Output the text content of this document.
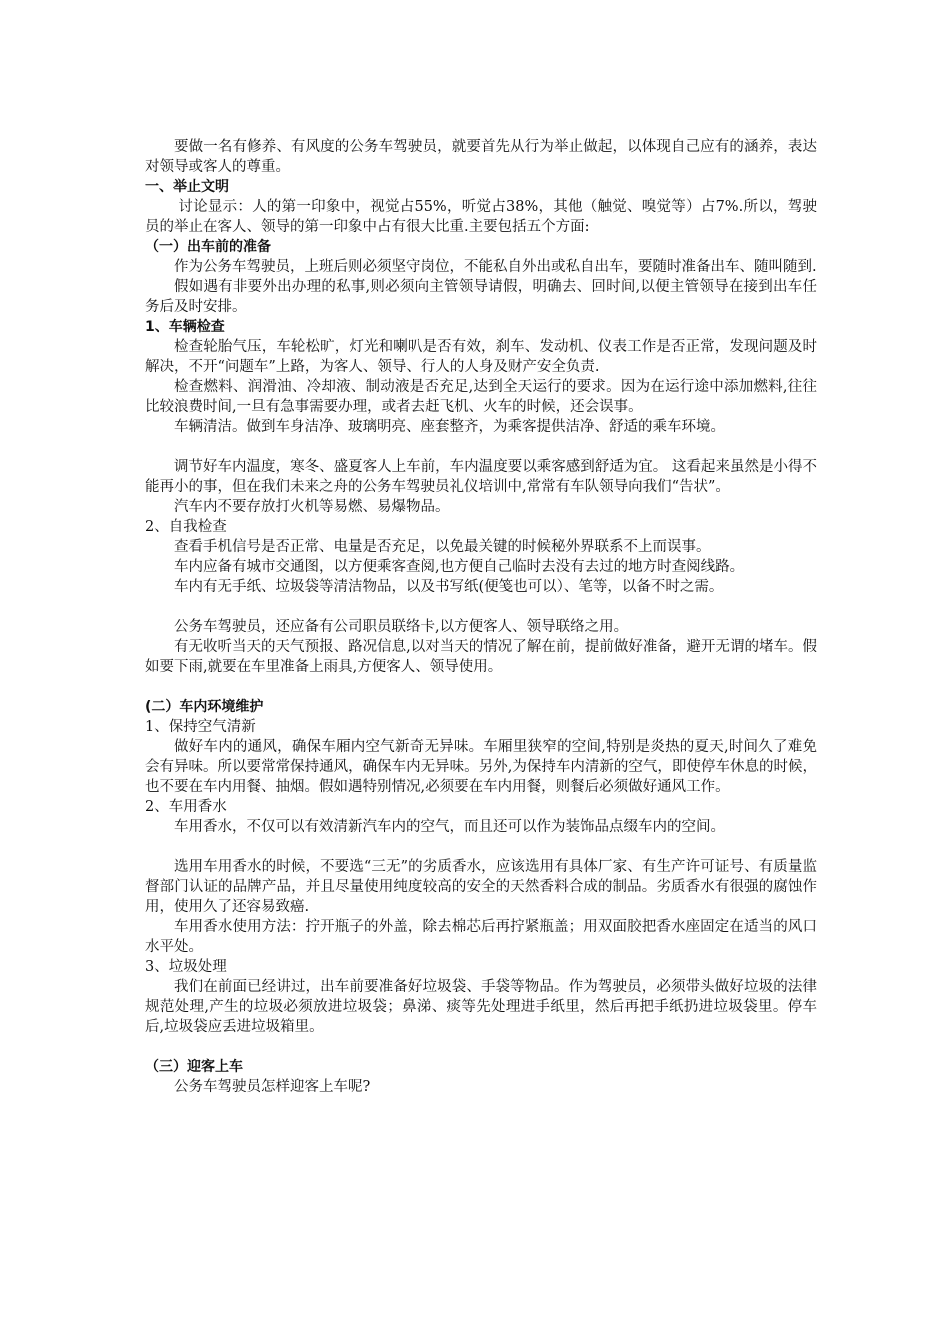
要做一名有修养、有风度的公务车驾驶员，就要首先从行为举止做起，以体现自己应有的涵养，表达对领导或客人的尊重。

一、举止文明

讨论显示：人的第一印象中，视觉占55%，听觉占38%，其他（触觉、嗅觉等）占7%.所以，驾驶员的举止在客人、领导的第一印象中占有很大比重.主要包括五个方面:

（一）出车前的准备

作为公务车驾驶员，上班后则必须坚守岗位，不能私自外出或私自出车，要随时准备出车、随叫随到.

假如遇有非要外出办理的私事,则必须向主管领导请假，明确去、回时间,以便主管领导在接到出车任务后及时安排。

1、车辆检查

检查轮胎气压，车轮松旷，灯光和喇叭是否有效，刹车、发动机、仪表工作是否正常，发现问题及时解决，不开“问题车”上路，为客人、领导、行人的人身及财产安全负责.

检查燃料、润滑油、冷却液、制动液是否充足,达到全天运行的要求。因为在运行途中添加燃料,往往比较浪费时间,一旦有急事需要办理，或者去赶飞机、火车的时候，还会误事。

车辆清洁。做到车身洁净、玻璃明亮、座套整齐，为乘客提供洁净、舒适的乘车环境。

调节好车内温度，寒冬、盛夏客人上车前，车内温度要以乘客感到舒适为宜。 这看起来虽然是小得不能再小的事，但在我们未来之舟的公务车驾驶员礼仪培训中,常常有车队领导向我们“告状”。

汽车内不要存放打火机等易燃、易爆物品。

2、自我检查

查看手机信号是否正常、电量是否充足，以免最关键的时候秘外界联系不上而误事。

车内应备有城市交通图，以方便乘客查阅,也方便自己临时去没有去过的地方时查阅线路。

车内有无手纸、垃圾袋等清洁物品，以及书写纸(便笺也可以）、笔等，以备不时之需。

公务车驾驶员，还应备有公司职员联络卡,以方便客人、领导联络之用。

有无收听当天的天气预报、路况信息,以对当天的情况了解在前，提前做好准备，避开无谓的堵车。假如要下雨,就要在车里准备上雨具,方便客人、领导使用。

(二）车内环境维护

1、保持空气清新

做好车内的通风，确保车厢内空气新奇无异味。车厢里狭窄的空间,特别是炎热的夏天,时间久了难免会有异味。所以要常常保持通风，确保车内无异味。另外,为保持车内清新的空气，即使停车休息的时候，也不要在车内用餐、抽烟。假如遇特别情况,必须要在车内用餐，则餐后必须做好通风工作。

2、车用香水

车用香水，不仅可以有效清新汽车内的空气，而且还可以作为装饰品点缀车内的空间。

选用车用香水的时候，不要选“三无”的劣质香水，应该选用有具体厂家、有生产许可证号、有质量监督部门认证的品牌产品，并且尽量使用纯度较高的安全的天然香料合成的制品。劣质香水有很强的腐蚀作用，使用久了还容易致癌.

车用香水使用方法：拧开瓶子的外盖，除去棉芯后再拧紧瓶盖；用双面胶把香水座固定在适当的风口水平处。

3、垃圾处理

我们在前面已经讲过，出车前要准备好垃圾袋、手袋等物品。作为驾驶员，必须带头做好垃圾的法律规范处理,产生的垃圾必须放进垃圾袋；鼻涕、痰等先处理进手纸里，然后再把手纸扔进垃圾袋里。停车后,垃圾袋应丢进垃圾箱里。

（三）迎客上车

公务车驾驶员怎样迎客上车呢?
